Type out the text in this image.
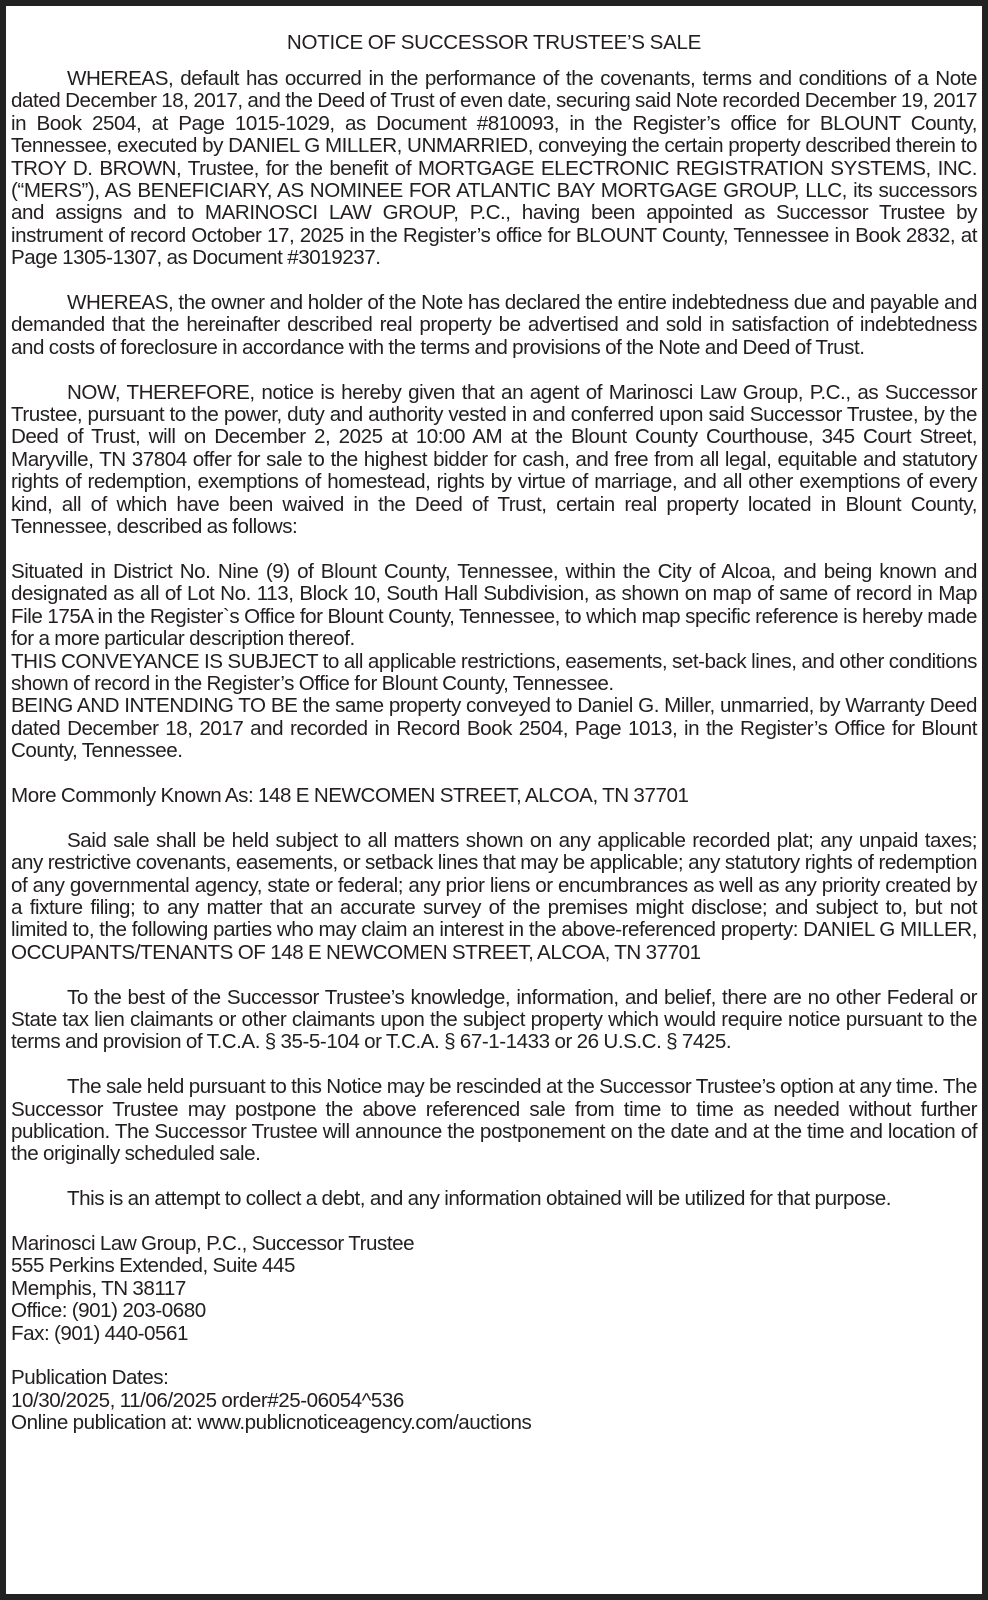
NOTICE OF SUCCESSOR TRUSTEE’S SALE

WHEREAS, default has occurred in the performance of the covenants, terms and conditions of a Note dated December 18, 2017, and the Deed of Trust of even date, securing said Note recorded December 19, 2017 in Book 2504, at Page 1015-1029, as Document #810093, in the Register’s office for BLOUNT County, Tennessee, executed by DANIEL G MILLER, UNMARRIED, conveying the certain property described therein to TROY D. BROWN, Trustee, for the benefit of MORTGAGE ELECTRONIC REGISTRATION SYSTEMS, INC. (“MERS”), AS BENEFICIARY, AS NOMINEE FOR ATLANTIC BAY MORTGAGE GROUP, LLC, its successors and assigns and to MARINOSCI LAW GROUP, P.C., having been appointed as Successor Trustee by instrument of record October 17, 2025 in the Register’s office for BLOUNT County, Tennessee in Book 2832, at Page 1305-1307, as Document #3019237.

WHEREAS, the owner and holder of the Note has declared the entire indebtedness due and payable and demanded that the hereinafter described real property be advertised and sold in satisfaction of indebtedness and costs of foreclosure in accordance with the terms and provisions of the Note and Deed of Trust.

NOW, THEREFORE, notice is hereby given that an agent of Marinosci Law Group, P.C., as Successor Trustee, pursuant to the power, duty and authority vested in and conferred upon said Successor Trustee, by the Deed of Trust, will on December 2, 2025 at 10:00 AM at the Blount County Courthouse, 345 Court Street, Maryville, TN 37804 offer for sale to the highest bidder for cash, and free from all legal, equitable and statutory rights of redemption, exemptions of homestead, rights by virtue of marriage, and all other exemptions of every kind, all of which have been waived in the Deed of Trust, certain real property located in Blount County, Tennessee, described as follows:

Situated in District No. Nine (9) of Blount County, Tennessee, within the City of Alcoa, and being known and designated as all of Lot No. 113, Block 10, South Hall Subdivision, as shown on map of same of record in Map File 175A in the Register`s Office for Blount County, Tennessee, to which map specific reference is hereby made for a more particular description thereof.

THIS CONVEYANCE IS SUBJECT to all applicable restrictions, easements, set-back lines, and other conditions shown of record in the Register’s Office for Blount County, Tennessee.

BEING AND INTENDING TO BE the same property conveyed to Daniel G. Miller, unmarried, by Warranty Deed dated December 18, 2017 and recorded in Record Book 2504, Page 1013, in the Register’s Office for Blount County, Tennessee.

More Commonly Known As: 148 E NEWCOMEN STREET, ALCOA, TN 37701

Said sale shall be held subject to all matters shown on any applicable recorded plat; any unpaid taxes; any restrictive covenants, easements, or setback lines that may be applicable; any statutory rights of redemption of any governmental agency, state or federal; any prior liens or encumbrances as well as any priority created by a fixture filing; to any matter that an accurate survey of the premises might disclose; and subject to, but not limited to, the following parties who may claim an interest in the above-referenced property: DANIEL G MILLER, OCCUPANTS/TENANTS OF 148 E NEWCOMEN STREET, ALCOA, TN 37701

To the best of the Successor Trustee’s knowledge, information, and belief, there are no other Federal or State tax lien claimants or other claimants upon the subject property which would require notice pursuant to the terms and provision of T.C.A. § 35-5-104 or T.C.A. § 67-1-1433 or 26 U.S.C. § 7425.

The sale held pursuant to this Notice may be rescinded at the Successor Trustee’s option at any time. The Successor Trustee may postpone the above referenced sale from time to time as needed without further publication. The Successor Trustee will announce the postponement on the date and at the time and location of the originally scheduled sale.

This is an attempt to collect a debt, and any information obtained will be utilized for that purpose.

Marinosci Law Group, P.C., Successor Trustee
555 Perkins Extended, Suite 445
Memphis, TN 38117
Office: (901) 203-0680
Fax: (901) 440-0561
Publication Dates:
10/30/2025, 11/06/2025 order#25-06054^536
Online publication at: www.publicnoticeagency.com/auctions
